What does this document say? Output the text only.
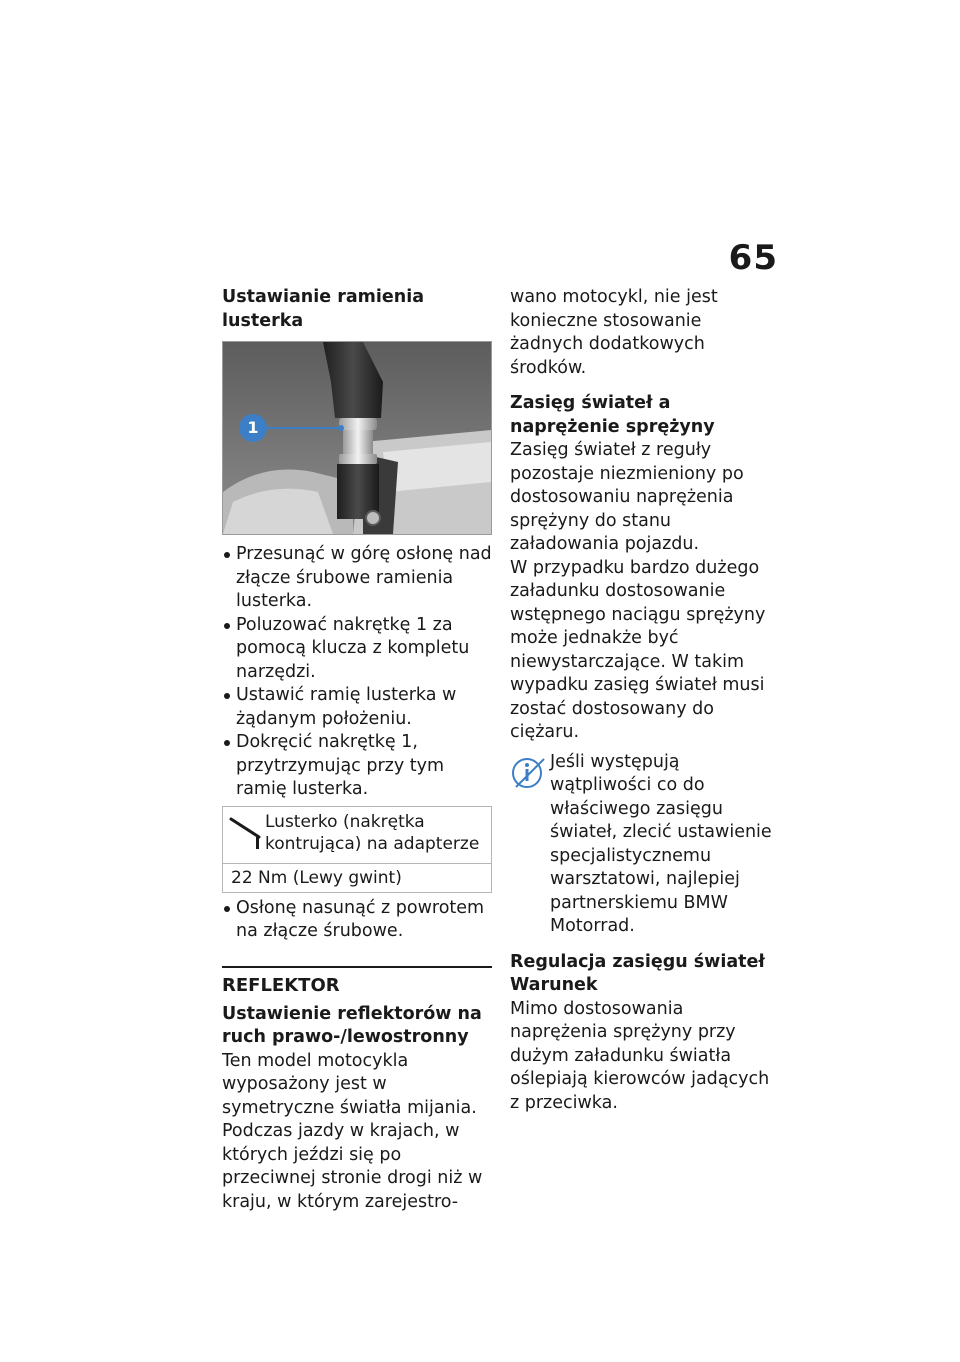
65

Ustawianie ramienia lusterka

1
Przesunąć w górę osłonę nad złącze śrubowe ramienia lusterka.
Poluzować nakrętkę 1 za pomocą klucza z kompletu narzędzi.
Ustawić ramię lusterka w żądanym położeniu.
Dokręcić nakrętkę 1, przytrzymując przy tym ramię lusterka.
Lusterko (nakrętka kontrująca) na adapterze
22 Nm (Lewy gwint)
Osłonę nasunąć z powrotem na złącze śrubowe.
REFLEKTOR

Ustawienie reflektorów na ruch prawo-/lewostronny

Ten model motocykla wyposażony jest w symetryczne światła mijania. Podczas jazdy w krajach, w których jeździ się po przeciwnej stronie drogi niż w kraju, w którym zarejestro-

wano motocykl, nie jest konieczne stosowanie żadnych dodatkowych środków.

Zasięg świateł a naprężenie sprężyny

Zasięg świateł z reguły pozostaje niezmieniony po dostosowaniu naprężenia sprężyny do stanu załadowania pojazdu.

W przypadku bardzo dużego załadunku dostosowanie wstępnego naciągu sprężyny może jednakże być niewystarczające. W takim wypadku zasięg świateł musi zostać dostosowany do ciężaru.

Jeśli występują wątpliwości co do właściwego zasięgu świateł, zlecić ustawienie specjalistycznemu warsztatowi, najlepiej partnerskiemu BMW Motorrad.

Regulacja zasięgu świateł

Warunek

Mimo dostosowania naprężenia sprężyny przy dużym załadunku światła oślepiają kierowców jadących z przeciwka.
